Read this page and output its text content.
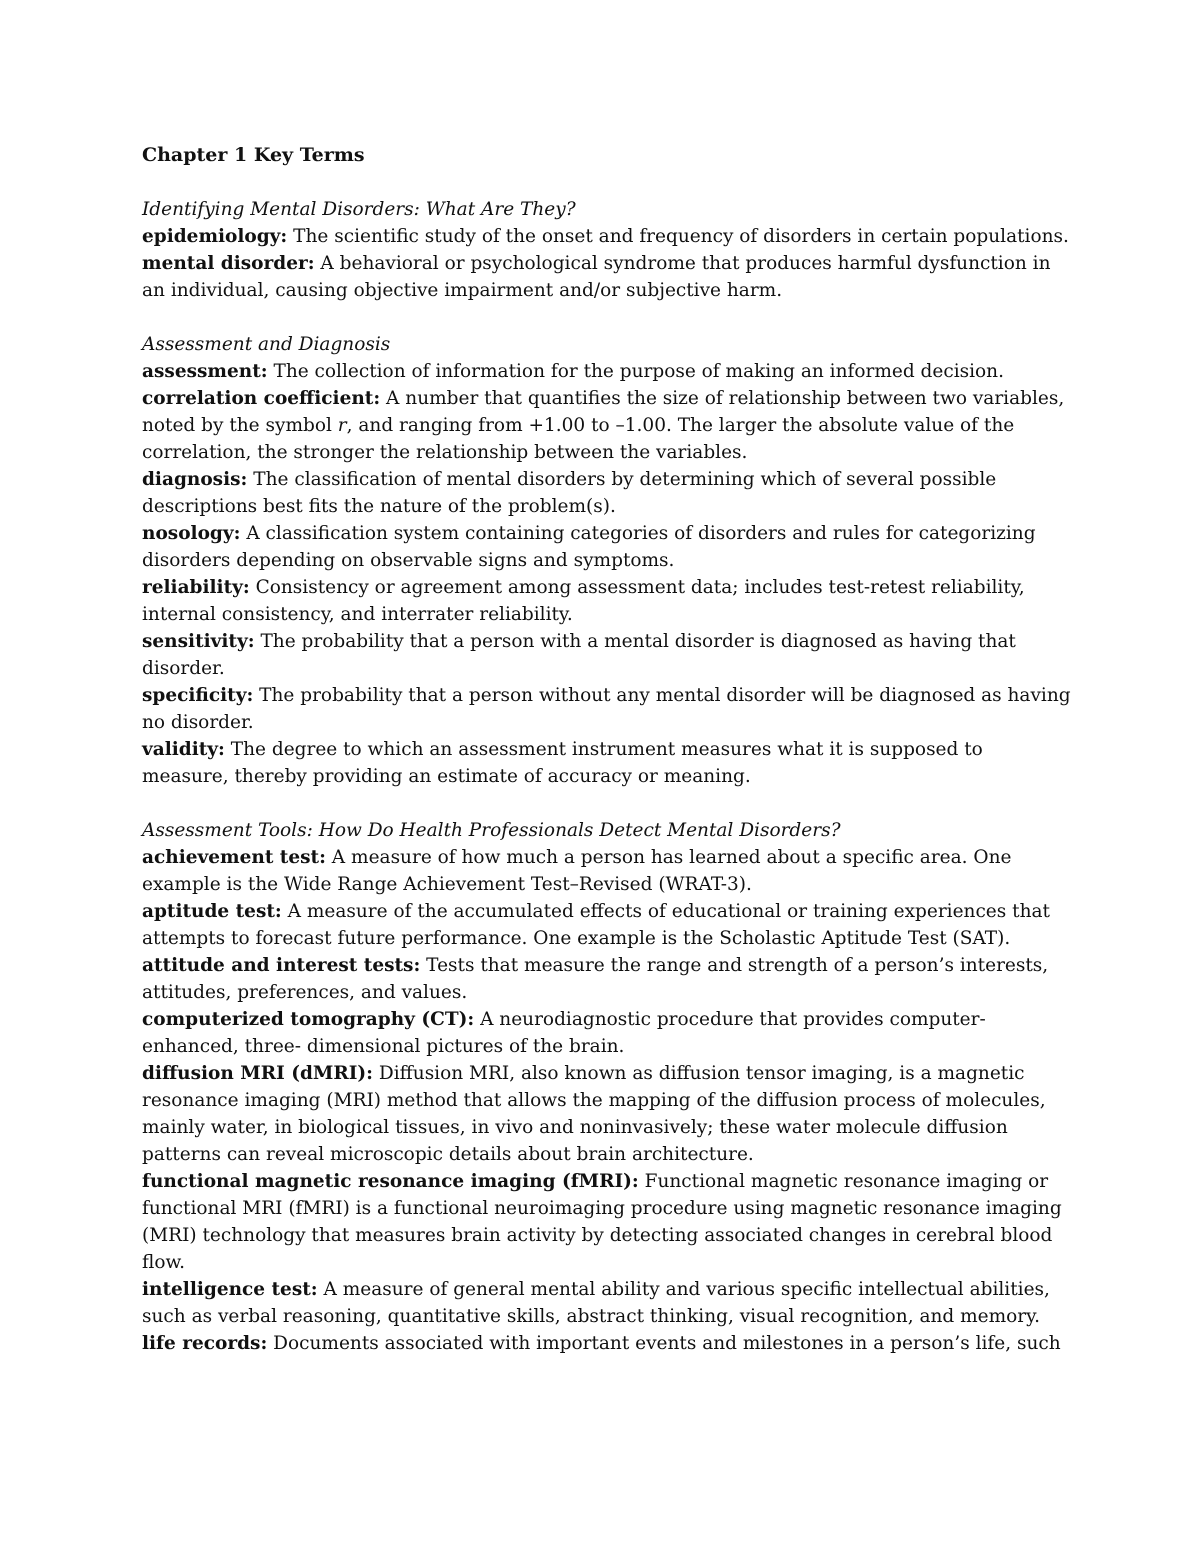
Chapter 1 Key Terms

Identifying Mental Disorders: What Are They?

epidemiology: The scientific study of the onset and frequency of disorders in certain populations.

mental disorder: A behavioral or psychological syndrome that produces harmful dysfunction in an individual, causing objective impairment and/or subjective harm.

Assessment and Diagnosis

assessment: The collection of information for the purpose of making an informed decision.

correlation coefficient: A number that quantifies the size of relationship between two variables, noted by the symbol r, and ranging from +1.00 to –1.00. The larger the absolute value of the correlation, the stronger the relationship between the variables.

diagnosis: The classification of mental disorders by determining which of several possible descriptions best fits the nature of the problem(s).

nosology: A classification system containing categories of disorders and rules for categorizing disorders depending on observable signs and symptoms.

reliability: Consistency or agreement among assessment data; includes test-retest reliability, internal consistency, and interrater reliability.

sensitivity: The probability that a person with a mental disorder is diagnosed as having that disorder.

specificity: The probability that a person without any mental disorder will be diagnosed as having no disorder.

validity: The degree to which an assessment instrument measures what it is supposed to measure, thereby providing an estimate of accuracy or meaning.

Assessment Tools: How Do Health Professionals Detect Mental Disorders?

achievement test: A measure of how much a person has learned about a specific area. One example is the Wide Range Achievement Test–Revised (WRAT-3).

aptitude test: A measure of the accumulated effects of educational or training experiences that attempts to forecast future performance. One example is the Scholastic Aptitude Test (SAT).

attitude and interest tests: Tests that measure the range and strength of a person’s interests, attitudes, preferences, and values.

computerized tomography (CT): A neurodiagnostic procedure that provides computer-enhanced, three- dimensional pictures of the brain.

diffusion MRI (dMRI): Diffusion MRI, also known as diffusion tensor imaging, is a magnetic resonance imaging (MRI) method that allows the mapping of the diffusion process of molecules, mainly water, in biological tissues, in vivo and noninvasively; these water molecule diffusion patterns can reveal microscopic details about brain architecture.

functional magnetic resonance imaging (fMRI): Functional magnetic resonance imaging or functional MRI (fMRI) is a functional neuroimaging procedure using magnetic resonance imaging (MRI) technology that measures brain activity by detecting associated changes in cerebral blood flow.

intelligence test: A measure of general mental ability and various specific intellectual abilities, such as verbal reasoning, quantitative skills, abstract thinking, visual recognition, and memory.

life records: Documents associated with important events and milestones in a person’s life, such
